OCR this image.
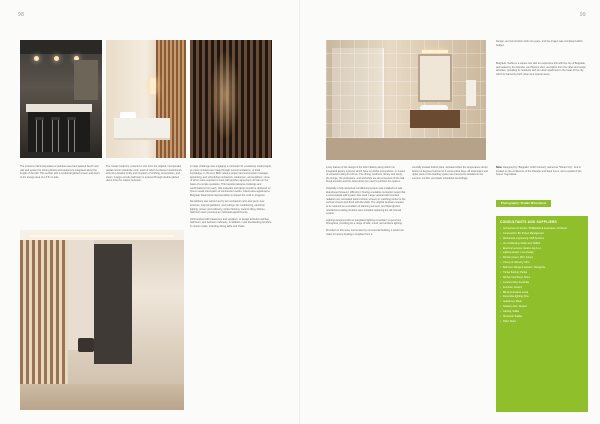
98
The entrance hall incorporates a stainless-steel and painted beech and oak wall system for storing books and equipment integrated along the length of the hall. This section with a sculptural glazed screen and doors to the lounge area of a 5.5x m side.
The master bedroom, reduced in size from the original, incorporates partial custom wardrobe units, each of which is planned meticulously around a detailed study and inventory of clothing, accessories, and shoes. A large ensuite bathroom is entered through double glazed doors from the master bedroom.

A major challenge was engaging a contractor for a relatively small project, as most contracts are made through recommendations, or local knowledge. In the end, BMC relied a project and construction manager, appointing, and scheduling contractors, tradesmen, and suppliers, some of whom were selected to work with another agreement. All was on the basis of a simple quotation. This required advance bookings and confirmations from each, that materials and labour would be delivered on time to avoid interruption of construction works. Clients also appointed a Belgrade based local representative to inspect the work in progress.

Demolitions was carried out by two contractors who also put in new structure, internal partitions, and ceilings. Air conditioning, electrical, lighting, joinery and cabinetry, timber flooring, ceramic tiling, kitchen, bathroom were procured an individual appointments.

Child worked with tradesmen and suppliers, to design all built-in kitchen, bathroom, and bedroom cabinetry. In addition, most freestanding furniture is custom made, including dining table and chairs.

99
Design, and construction took two years, and the project was completed within budget.
Belgrade, Serbia is a unique site with an expressive link with the city of Belgrade, permeated by the Danube, and historic sites, and lights from the cafes and social activities, providing its residents with an urban apartment in the heart of the city, which is framed by both urban and natural views.

A key feature of the design is the 40m hallway along which run integrated joinery systems which have no visible connections, or means of extraction along its full run. The dining, bedroom, library and study, the lounge, the workspace, and workshop are all connected off the hall. Fixed acoustic and fire-rated doors are used to partition the spaces.

Originally a fully ducted air conditioning system was installed but was abandoned however, difficulty in finding a suitable contractor meant that a conventional split system was used. Large vertical wall mounted radiators are concealed behind timber screens in matching timber to the vertical screens and flush with the walls. The original windows needed to be retained as a condition of planning consent, and triple-glazed, refurbished existing shutters were installed replacing the old manual system.

Lighting designed with an integrated lighting consultant, is generous throughout, providing for a range of task, mood, and ambient lighting.

Providers in this area, surrounded by commercial building, it would not make for space heating is supplied from a

centrally located district plant, activated when the temperature drops below 12 degrees Celsius for 3 consecutive days. All downstairs and upper parts of the building system are heat-pump installed in the summer months, and loads scheduled accordingly.
Note: Designed by "Belgrade" which formerly named as "Winter City", and is located on the confluence of the Danube and Sava rivers, and a capital of the former Yugoslavia.
Photography: Vladan Mihovljevic
CONSULTANTS AND SUPPLIERS
• Architecture & interiors: SH&Bartlett & Associates, Architects
• Construction: BC Project Management
• Mechanical engineering: KFB Services
• Air conditioning: Daikin and Vaillant
• Electrical services: Elektro-Ing d.o.o.
• Lighting design: Luce Design
• Kitchen joinery: Miro Joinery
• Joinery & cabinetry: Miro
• Bathroom fittings & tapware: Hansgrohe
• Timber flooring: Parket
• Kitchen benchtops: Stone
• Ceramic tiling: Keramika
• Furniture: Custom
• Blinds & shutters: Local
• Decorative lighting: Flos
• Appliances: Miele
• Sanitary ware: Duravit
• Glazing: Staklo
• Structural: Statika
• Paint: Dulux
